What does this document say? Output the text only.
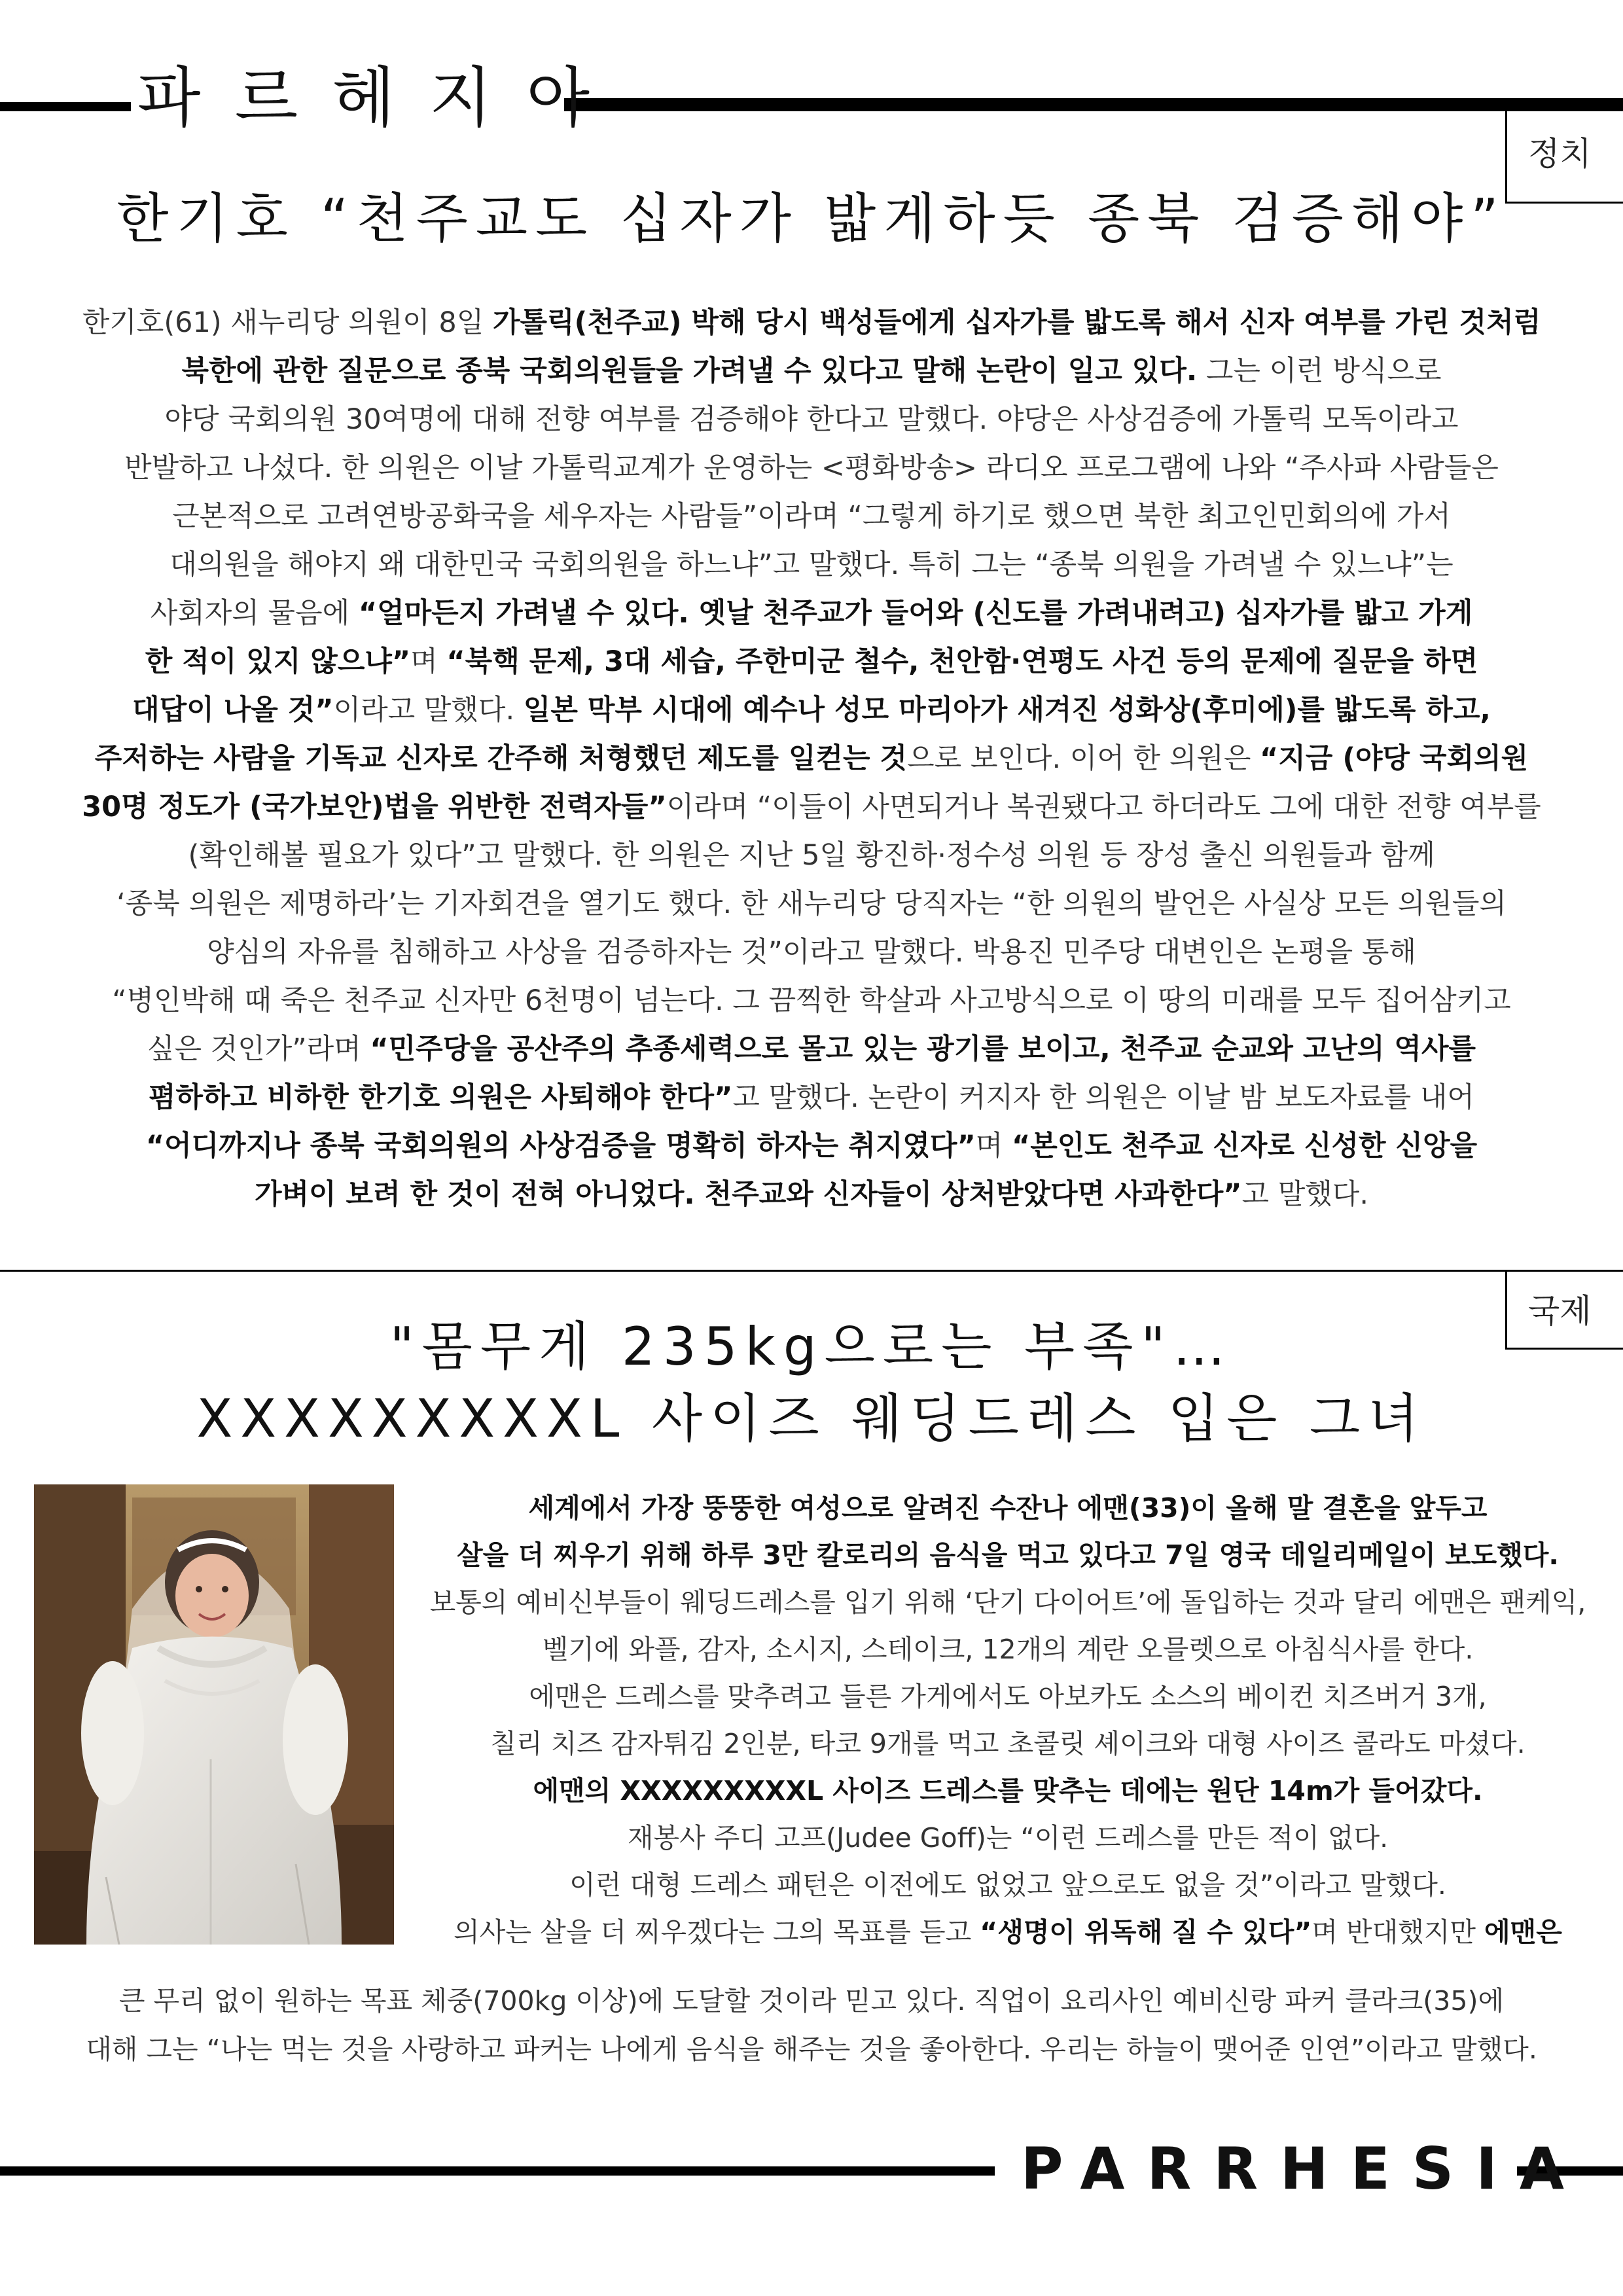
파르헤지아
정치
한기호 “천주교도 십자가 밟게하듯 종북 검증해야”
한기호(61) 새누리당 의원이 8일 가톨릭(천주교) 박해 당시 백성들에게 십자가를 밟도록 해서 신자 여부를 가린 것처럼
북한에 관한 질문으로 종북 국회의원들을 가려낼 수 있다고 말해 논란이 일고 있다. 그는 이런 방식으로
야당 국회의원 30여명에 대해 전향 여부를 검증해야 한다고 말했다. 야당은 사상검증에 가톨릭 모독이라고
반발하고 나섰다. 한 의원은 이날 가톨릭교계가 운영하는 <평화방송> 라디오 프로그램에 나와 “주사파 사람들은
근본적으로 고려연방공화국을 세우자는 사람들”이라며 “그렇게 하기로 했으면 북한 최고인민회의에 가서
대의원을 해야지 왜 대한민국 국회의원을 하느냐”고 말했다. 특히 그는 “종북 의원을 가려낼 수 있느냐”는
사회자의 물음에 “얼마든지 가려낼 수 있다. 옛날 천주교가 들어와 (신도를 가려내려고) 십자가를 밟고 가게
한 적이 있지 않으냐”며 “북핵 문제, 3대 세습, 주한미군 철수, 천안함·연평도 사건 등의 문제에 질문을 하면
대답이 나올 것”이라고 말했다. 일본 막부 시대에 예수나 성모 마리아가 새겨진 성화상(후미에)를 밟도록 하고,
주저하는 사람을 기독교 신자로 간주해 처형했던 제도를 일컫는 것으로 보인다. 이어 한 의원은 “지금 (야당 국회의원
30명 정도가 (국가보안)법을 위반한 전력자들”이라며 “이들이 사면되거나 복권됐다고 하더라도 그에 대한 전향 여부를
(확인해볼 필요가 있다”고 말했다. 한 의원은 지난 5일 황진하·정수성 의원 등 장성 출신 의원들과 함께
‘종북 의원은 제명하라’는 기자회견을 열기도 했다. 한 새누리당 당직자는 “한 의원의 발언은 사실상 모든 의원들의
양심의 자유를 침해하고 사상을 검증하자는 것”이라고 말했다. 박용진 민주당 대변인은 논평을 통해
“병인박해 때 죽은 천주교 신자만 6천명이 넘는다. 그 끔찍한 학살과 사고방식으로 이 땅의 미래를 모두 집어삼키고
싶은 것인가”라며 “민주당을 공산주의 추종세력으로 몰고 있는 광기를 보이고, 천주교 순교와 고난의 역사를
폄하하고 비하한 한기호 의원은 사퇴해야 한다”고 말했다. 논란이 커지자 한 의원은 이날 밤 보도자료를 내어
“어디까지나 종북 국회의원의 사상검증을 명확히 하자는 취지였다”며 “본인도 천주교 신자로 신성한 신앙을
가벼이 보려 한 것이 전혀 아니었다. 천주교와 신자들이 상처받았다면 사과한다”고 말했다.
국제
"몸무게 235kg으로는 부족"…
XXXXXXXXXL 사이즈 웨딩드레스 입은 그녀
세계에서 가장 뚱뚱한 여성으로 알려진 수잔나 에맨(33)이 올해 말 결혼을 앞두고
살을 더 찌우기 위해 하루 3만 칼로리의 음식을 먹고 있다고 7일 영국 데일리메일이 보도했다.
보통의 예비신부들이 웨딩드레스를 입기 위해 ‘단기 다이어트’에 돌입하는 것과 달리 에맨은 팬케익,
벨기에 와플, 감자, 소시지, 스테이크, 12개의 계란 오믈렛으로 아침식사를 한다.
에맨은 드레스를 맞추려고 들른 가게에서도 아보카도 소스의 베이컨 치즈버거 3개,
칠리 치즈 감자튀김 2인분, 타코 9개를 먹고 초콜릿 셰이크와 대형 사이즈 콜라도 마셨다.
에맨의 XXXXXXXXXL 사이즈 드레스를 맞추는 데에는 원단 14m가 들어갔다.
재봉사 주디 고프(Judee Goff)는 “이런 드레스를 만든 적이 없다.
이런 대형 드레스 패턴은 이전에도 없었고 앞으로도 없을 것”이라고 말했다.
의사는 살을 더 찌우겠다는 그의 목표를 듣고 “생명이 위독해 질 수 있다”며 반대했지만 에맨은
큰 무리 없이 원하는 목표 체중(700kg 이상)에 도달할 것이라 믿고 있다. 직업이 요리사인 예비신랑 파커 클라크(35)에
대해 그는 “나는 먹는 것을 사랑하고 파커는 나에게 음식을 해주는 것을 좋아한다. 우리는 하늘이 맺어준 인연”이라고 말했다.
PARRHESIA
